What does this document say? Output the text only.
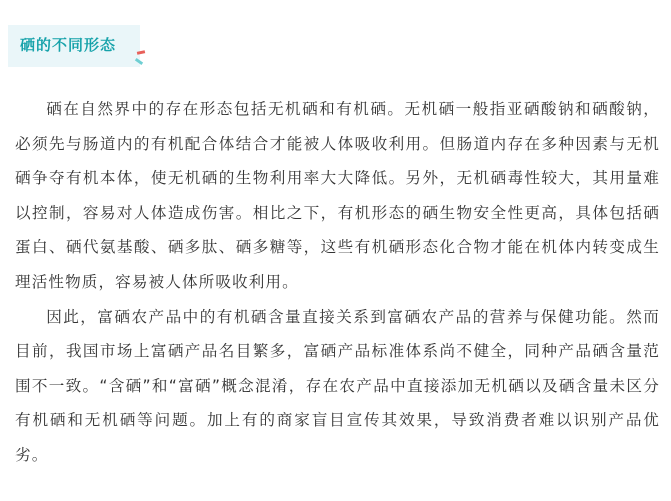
硒的不同形态

硒在自然界中的存在形态包括无机硒和有机硒。无机硒一般指亚硒酸钠和硒酸钠，必须先与肠道内的有机配合体结合才能被人体吸收利用。但肠道内存在多种因素与无机硒争夺有机本体，使无机硒的生物利用率大大降低。另外，无机硒毒性较大，其用量难以控制，容易对人体造成伤害。相比之下，有机形态的硒生物安全性更高，具体包括硒蛋白、硒代氨基酸、硒多肽、硒多糖等，这些有机硒形态化合物才能在机体内转变成生理活性物质，容易被人体所吸收利用。

因此，富硒农产品中的有机硒含量直接关系到富硒农产品的营养与保健功能。然而目前，我国市场上富硒产品名目繁多，富硒产品标准体系尚不健全，同种产品硒含量范围不一致。“含硒”和“富硒”概念混淆，存在农产品中直接添加无机硒以及硒含量未区分有机硒和无机硒等问题。加上有的商家盲目宣传其效果，导致消费者难以识别产品优劣。
